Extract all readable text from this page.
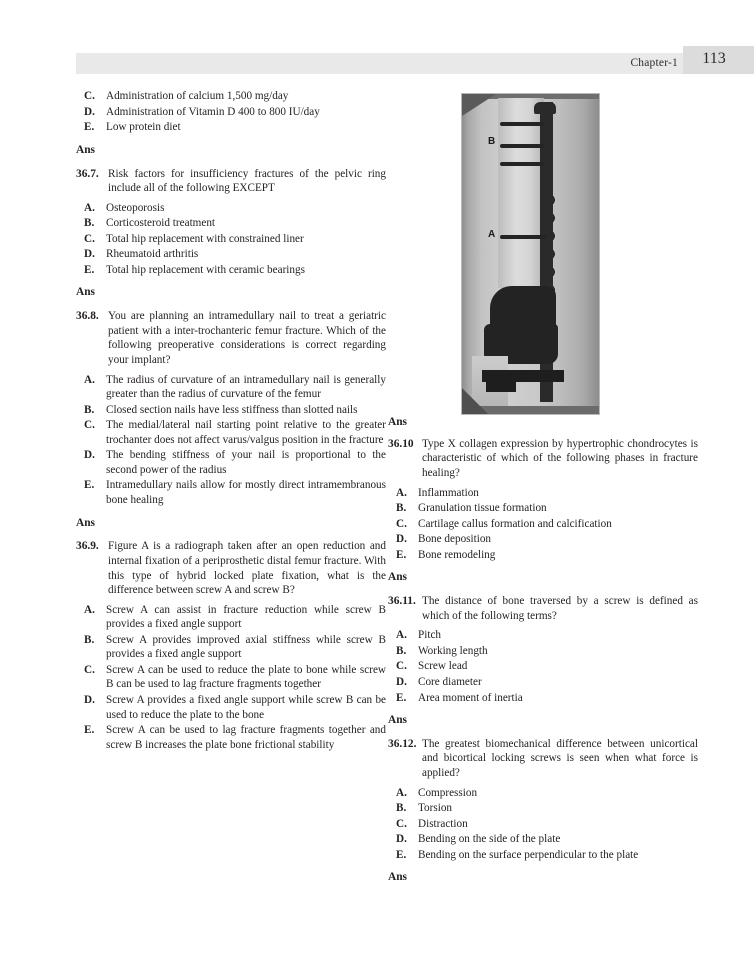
Chapter-1	113
B
A
C. Administration of calcium 1,500 mg/day
D. Administration of Vitamin D 400 to 800 IU/day
E.	Low protein diet
Ans
36.7. Risk factors for insufficiency fractures of the pelvic ring include all of the following EXCEPT
A. Osteoporosis
B.	Corticosteroid treatment
C. Total hip replacement with constrained liner
D. Rheumatoid arthritis
E.	Total hip replacement with ceramic bearings
Ans
36.8. You are planning an intramedullary nail to treat a geriatric patient with a inter-trochanteric femur fracture. Which of the following preoperative considerations is correct regarding your implant?
A. The radius of curvature of an intramedullary nail is generally greater than the radius of curvature of the femur
B.	Closed section nails have less stiffness than slotted nails
C. The medial/lateral nail starting point relative to the greater trochanter does not affect varus/valgus position in the fracture
D. The bending stiffness of your nail is proportional to the second power of the radius
E.	Intramedullary nails allow for mostly direct intramembranous bone healing
Ans
36.9. Figure A is a radiograph taken after an open reduction and internal fixation of a periprosthetic distal femur fracture. With this type of hybrid locked plate fixation, what is the difference between screw A and screw B?
A. Screw A can assist in fracture reduction while screw B provides a fixed angle support
B.	Screw A provides improved axial stiffness while screw B provides a fixed angle support
C. Screw A can be used to reduce the plate to bone while screw B can be used to lag fracture fragments together
D. Screw A provides a fixed angle support while screw B can be used to reduce the plate to the bone
E.	Screw A can be used to lag fracture fragments together and screw B increases the plate bone frictional stability
Ans
36.10 Type X collagen expression by hypertrophic chondrocytes is characteristic of which of the following phases in fracture healing?
A. Inflammation
B.	Granulation tissue formation
C. Cartilage callus formation and calcification
D. Bone deposition
E.	Bone remodeling
Ans
36.11. The distance of bone traversed by a screw is defined as which of the following terms?
A. Pitch
B.	Working length
C. Screw lead
D. Core diameter
E.	Area moment of inertia
Ans
36.12. The greatest biomechanical difference between unicortical and bicortical locking screws is seen when what force is applied?
A. Compression
B.	Torsion
C. Distraction
D. Bending on the side of the plate
E.	Bending on the surface perpendicular to the plate
Ans
